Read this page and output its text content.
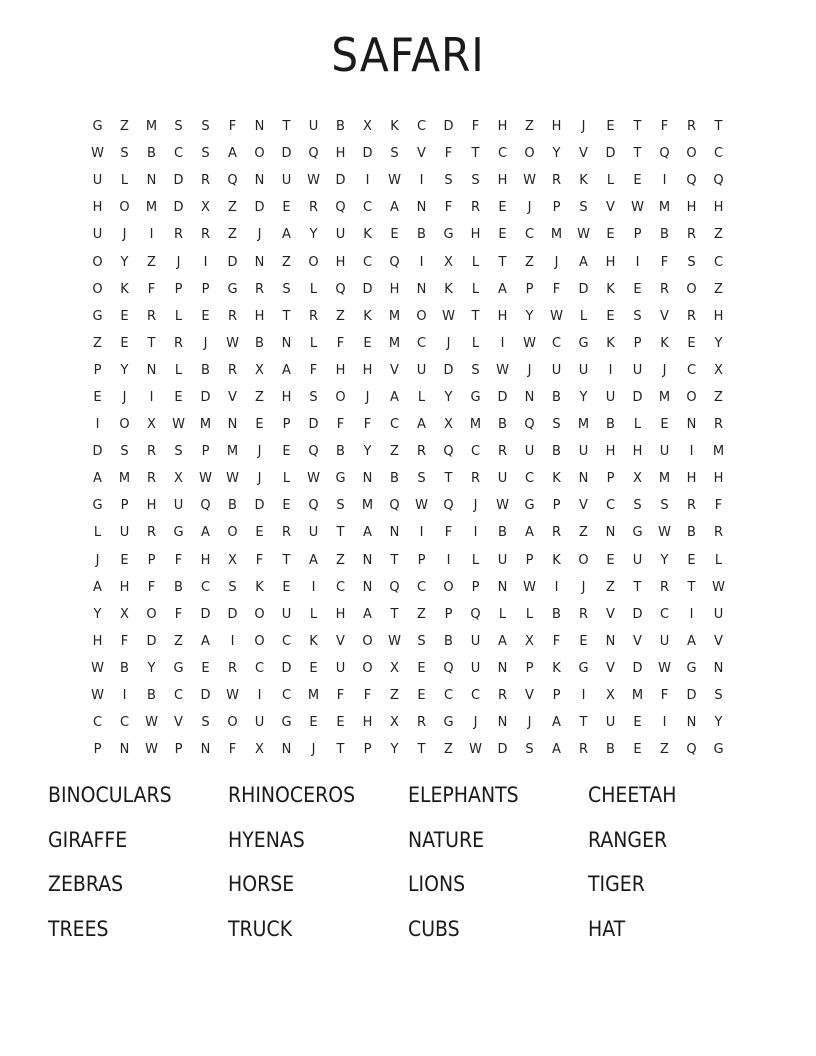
SAFARI
G	Z	M	S	S	F	N	T	U	B	X	K	C	D	F	H	Z	H	J	E	T	F	R	T
W	S	B	C	S	A	O	D	Q	H	D	S	V	F	T	C	O	Y	V	D	T	Q	O	C
U	L	N	D	R	Q	N	U	W	D	I	W	I	S	S	H	W	R	K	L	E	I	Q	Q
H	O	M	D	X	Z	D	E	R	Q	C	A	N	F	R	E	J	P	S	V	W	M	H	H
U	J	I	R	R	Z	J	A	Y	U	K	E	B	G	H	E	C	M	W	E	P	B	R	Z
O	Y	Z	J	I	D	N	Z	O	H	C	Q	I	X	L	T	Z	J	A	H	I	F	S	C
O	K	F	P	P	G	R	S	L	Q	D	H	N	K	L	A	P	F	D	K	E	R	O	Z
G	E	R	L	E	R	H	T	R	Z	K	M	O	W	T	H	Y	W	L	E	S	V	R	H
Z	E	T	R	J	W	B	N	L	F	E	M	C	J	L	I	W	C	G	K	P	K	E	Y
P	Y	N	L	B	R	X	A	F	H	H	V	U	D	S	W	J	U	U	I	U	J	C	X
E	J	I	E	D	V	Z	H	S	O	J	A	L	Y	G	D	N	B	Y	U	D	M	O	Z
I	O	X	W	M	N	E	P	D	F	F	C	A	X	M	B	Q	S	M	B	L	E	N	R
D	S	R	S	P	M	J	E	Q	B	Y	Z	R	Q	C	R	U	B	U	H	H	U	I	M
A	M	R	X	W	W	J	L	W	G	N	B	S	T	R	U	C	K	N	P	X	M	H	H
G	P	H	U	Q	B	D	E	Q	S	M	Q	W	Q	J	W	G	P	V	C	S	S	R	F
L	U	R	G	A	O	E	R	U	T	A	N	I	F	I	B	A	R	Z	N	G	W	B	R
J	E	P	F	H	X	F	T	A	Z	N	T	P	I	L	U	P	K	O	E	U	Y	E	L
A	H	F	B	C	S	K	E	I	C	N	Q	C	O	P	N	W	I	J	Z	T	R	T	W
Y	X	O	F	D	D	O	U	L	H	A	T	Z	P	Q	L	L	B	R	V	D	C	I	U
H	F	D	Z	A	I	O	C	K	V	O	W	S	B	U	A	X	F	E	N	V	U	A	V
W	B	Y	G	E	R	C	D	E	U	O	X	E	Q	U	N	P	K	G	V	D	W	G	N
W	I	B	C	D	W	I	C	M	F	F	Z	E	C	C	R	V	P	I	X	M	F	D	S
C	C	W	V	S	O	U	G	E	E	H	X	R	G	J	N	J	A	T	U	E	I	N	Y
P	N	W	P	N	F	X	N	J	T	P	Y	T	Z	W	D	S	A	R	B	E	Z	Q	G
BINOCULARS	RHINOCEROS	ELEPHANTS	CHEETAH
GIRAFFE	HYENAS	NATURE	RANGER
ZEBRAS	HORSE	LIONS	TIGER
TREES	TRUCK	CUBS	HAT
